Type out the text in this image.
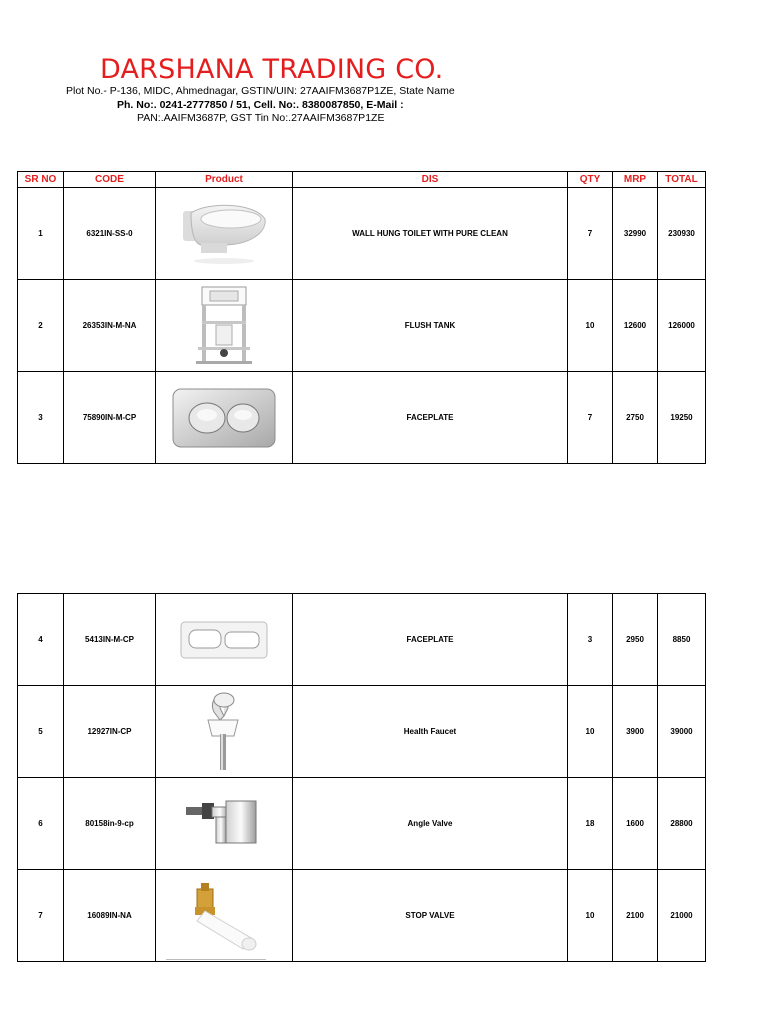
DARSHANA TRADING CO.
Plot No.- P-136, MIDC, Ahmednagar, GSTIN/UIN: 27AAIFM3687P1ZE, State Name
Ph. No:. 0241-2777850 / 51, Cell. No:. 8380087850, E-Mail :
PAN:.AAIFM3687P, GST Tin No:.27AAIFM3687P1ZE
SR NO	CODE	Product	DIS	QTY	MRP	TOTAL
1	6321IN-SS-0		WALL HUNG TOILET WITH PURE CLEAN	7	32990	230930
2	26353IN-M-NA		FLUSH TANK	10	12600	126000
3	75890IN-M-CP		FACEPLATE	7	2750	19250
4	5413IN-M-CP		FACEPLATE	3	2950	8850
5	12927IN-CP		Health Faucet	10	3900	39000
6	80158in-9-cp		Angle Valve	18	1600	28800
7	16089IN-NA		STOP VALVE	10	2100	21000
